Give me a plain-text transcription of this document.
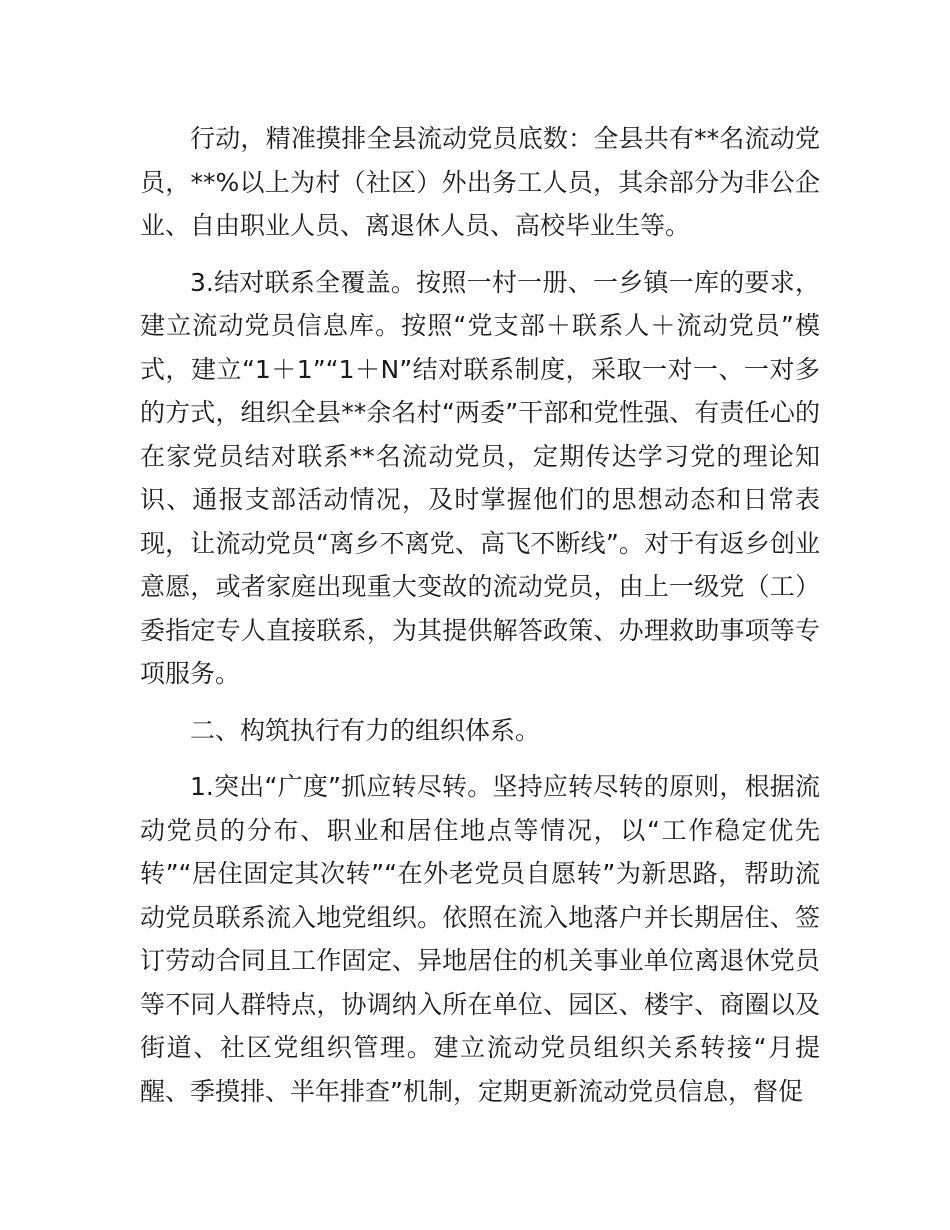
行动，精准摸排全县流动党员底数：全县共有**名流动党员，**%以上为村（社区）外出务工人员，其余部分为非公企业、自由职业人员、离退休人员、高校毕业生等。

3.结对联系全覆盖。按照一村一册、一乡镇一库的要求，建立流动党员信息库。按照“党支部＋联系人＋流动党员”模式，建立“1＋1”“1＋N”结对联系制度，采取一对一、一对多的方式，组织全县**余名村“两委”干部和党性强、有责任心的在家党员结对联系**名流动党员，定期传达学习党的理论知识、通报支部活动情况，及时掌握他们的思想动态和日常表现，让流动党员“离乡不离党、高飞不断线”。对于有返乡创业意愿，或者家庭出现重大变故的流动党员，由上一级党（工）委指定专人直接联系，为其提供解答政策、办理救助事项等专项服务。

二、构筑执行有力的组织体系。

1.突出“广度”抓应转尽转。坚持应转尽转的原则，根据流动党员的分布、职业和居住地点等情况，以“工作稳定优先转”“居住固定其次转”“在外老党员自愿转”为新思路，帮助流动党员联系流入地党组织。依照在流入地落户并长期居住、签订劳动合同且工作固定、异地居住的机关事业单位离退休党员等不同人群特点，协调纳入所在单位、园区、楼宇、商圈以及街道、社区党组织管理。建立流动党员组织关系转接“月提醒、季摸排、半年排查”机制，定期更新流动党员信息，督促
